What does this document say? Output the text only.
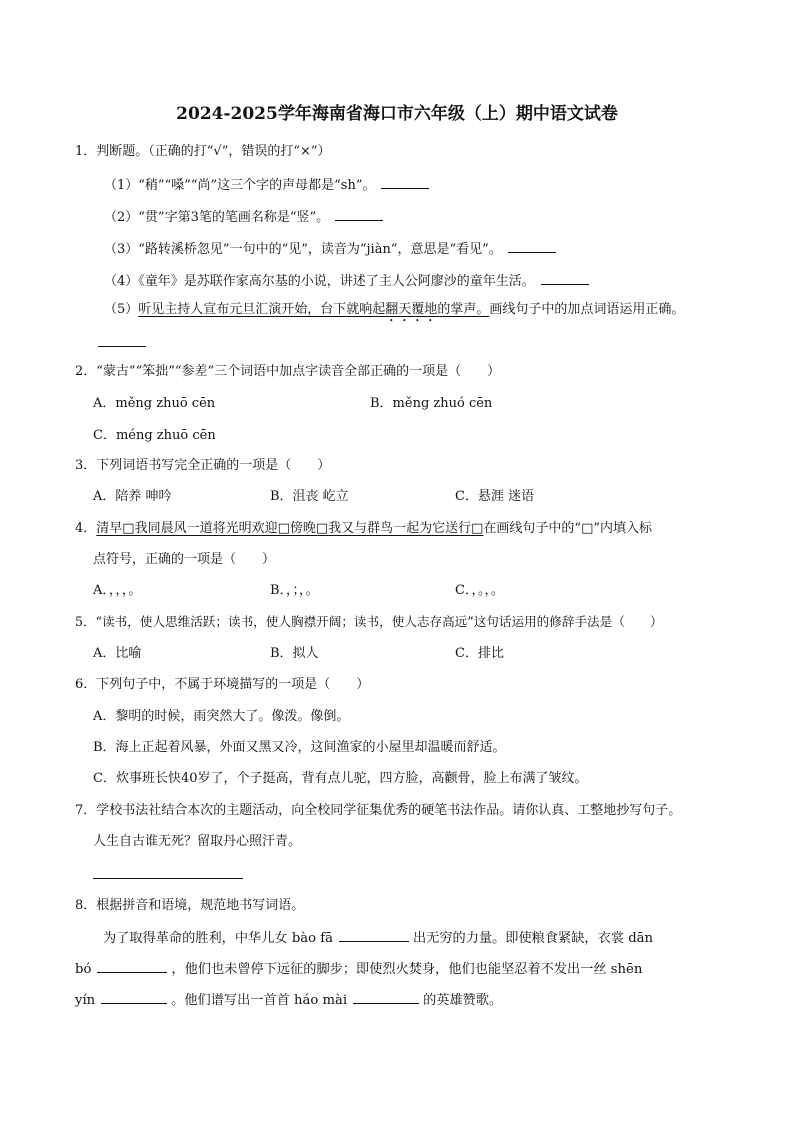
2024-2025学年海南省海口市六年级（上）期中语文试卷
1．判断题。（正确的打“√”，错误的打“×”）
（1）“稍”“嗓”“尚”这三个字的声母都是“sh”。
（2）“贯”字第3笔的笔画名称是“竖”。
（3）“路转溪桥忽见”一句中的“见”，读音为“jiàn”，意思是“看见”。
（4）《童年》是苏联作家高尔基的小说，讲述了主人公阿廖沙的童年生活。
（5）听见主持人宣布元旦汇演开始，台下就响起翻天覆地的掌声。画线句子中的加点词语运用正确。
2．“蒙古”“笨拙”“参差”三个词语中加点字读音全部正确的一项是（　　）
A．měng zhuō cēn	B．měng zhuó cēn
C．méng zhuō cēn
3．下列词语书写完全正确的一项是（　　）
A．陪养 呻吟	B．沮丧 屹立	C．悬涯 迷语
4．清早□我同晨风一道将光明欢迎□傍晚□我又与群鸟一起为它送行□在画线句子中的“□”内填入标
点符号，正确的一项是（　　）
A．，，，。	B．，；，。	C．，。，。
5．“读书，使人思维活跃；读书，使人胸襟开阔；读书，使人志存高远”这句话运用的修辞手法是（　　）
A．比喻	B．拟人	C．排比
6．下列句子中，不属于环境描写的一项是（　　）
A．黎明的时候，雨突然大了。像泼。像倒。
B．海上正起着风暴，外面又黑又冷，这间渔家的小屋里却温暖而舒适。
C．炊事班长快40岁了，个子挺高，背有点儿驼，四方脸，高颧骨，脸上布满了皱纹。
7．学校书法社结合本次的主题活动，向全校同学征集优秀的硬笔书法作品。请你认真、工整地抄写句子。
人生自古谁无死？留取丹心照汗青。
8．根据拼音和语境，规范地书写词语。
为了取得革命的胜利，中华儿女 bào fā	出无穷的力量。即使粮食紧缺，衣裳 dān
bó	，他们也未曾停下远征的脚步；即使烈火焚身，他们也能坚忍着不发出一丝 shēn
yín	。他们谱写出一首首 háo mài	的英雄赞歌。
